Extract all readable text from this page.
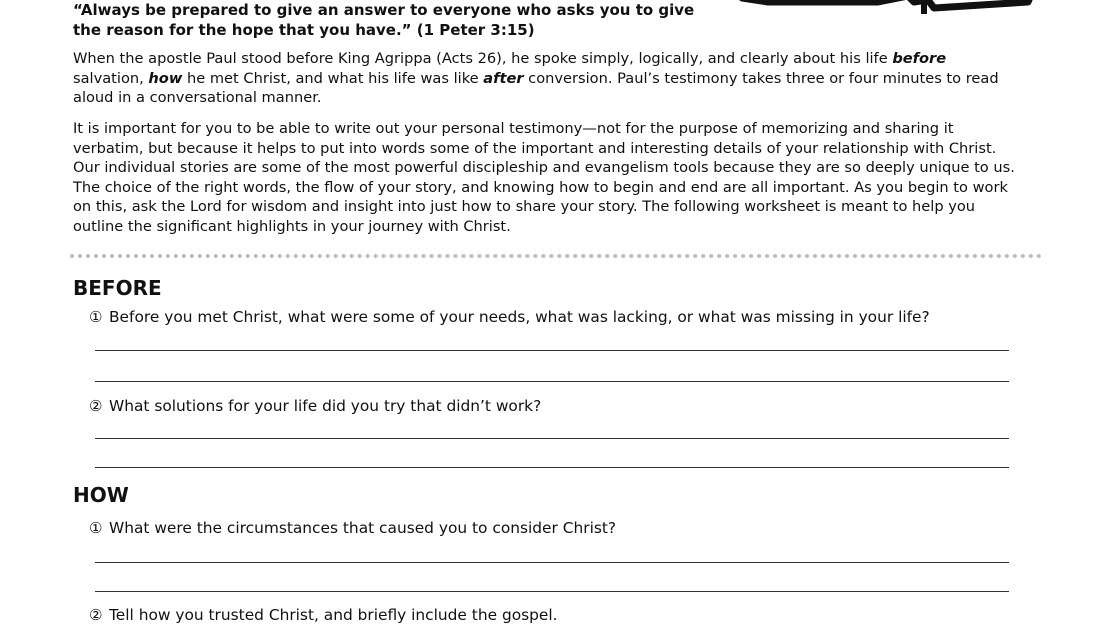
“Always be prepared to give an answer to everyone who asks you to give the reason for the hope that you have.” (1 Peter 3:15)

When the apostle Paul stood before King Agrippa (Acts 26), he spoke simply, logically, and clearly about his life before salvation, how he met Christ, and what his life was like after conversion. Paul’s testimony takes three or four minutes to read aloud in a conversational manner.

It is important for you to be able to write out your personal testimony—not for the purpose of memorizing and sharing it verbatim, but because it helps to put into words some of the important and interesting details of your relationship with Christ. Our individual stories are some of the most powerful discipleship and evangelism tools because they are so deeply unique to us. The choice of the right words, the flow of your story, and knowing how to begin and end are all important. As you begin to work on this, ask the Lord for wisdom and insight into just how to share your story. The following worksheet is meant to help you outline the significant highlights in your journey with Christ.

BEFORE
① Before you met Christ, what were some of your needs, what was lacking, or what was missing in your life?
② What solutions for your life did you try that didn’t work?
HOW
① What were the circumstances that caused you to consider Christ?
② Tell how you trusted Christ, and briefly include the gospel.
